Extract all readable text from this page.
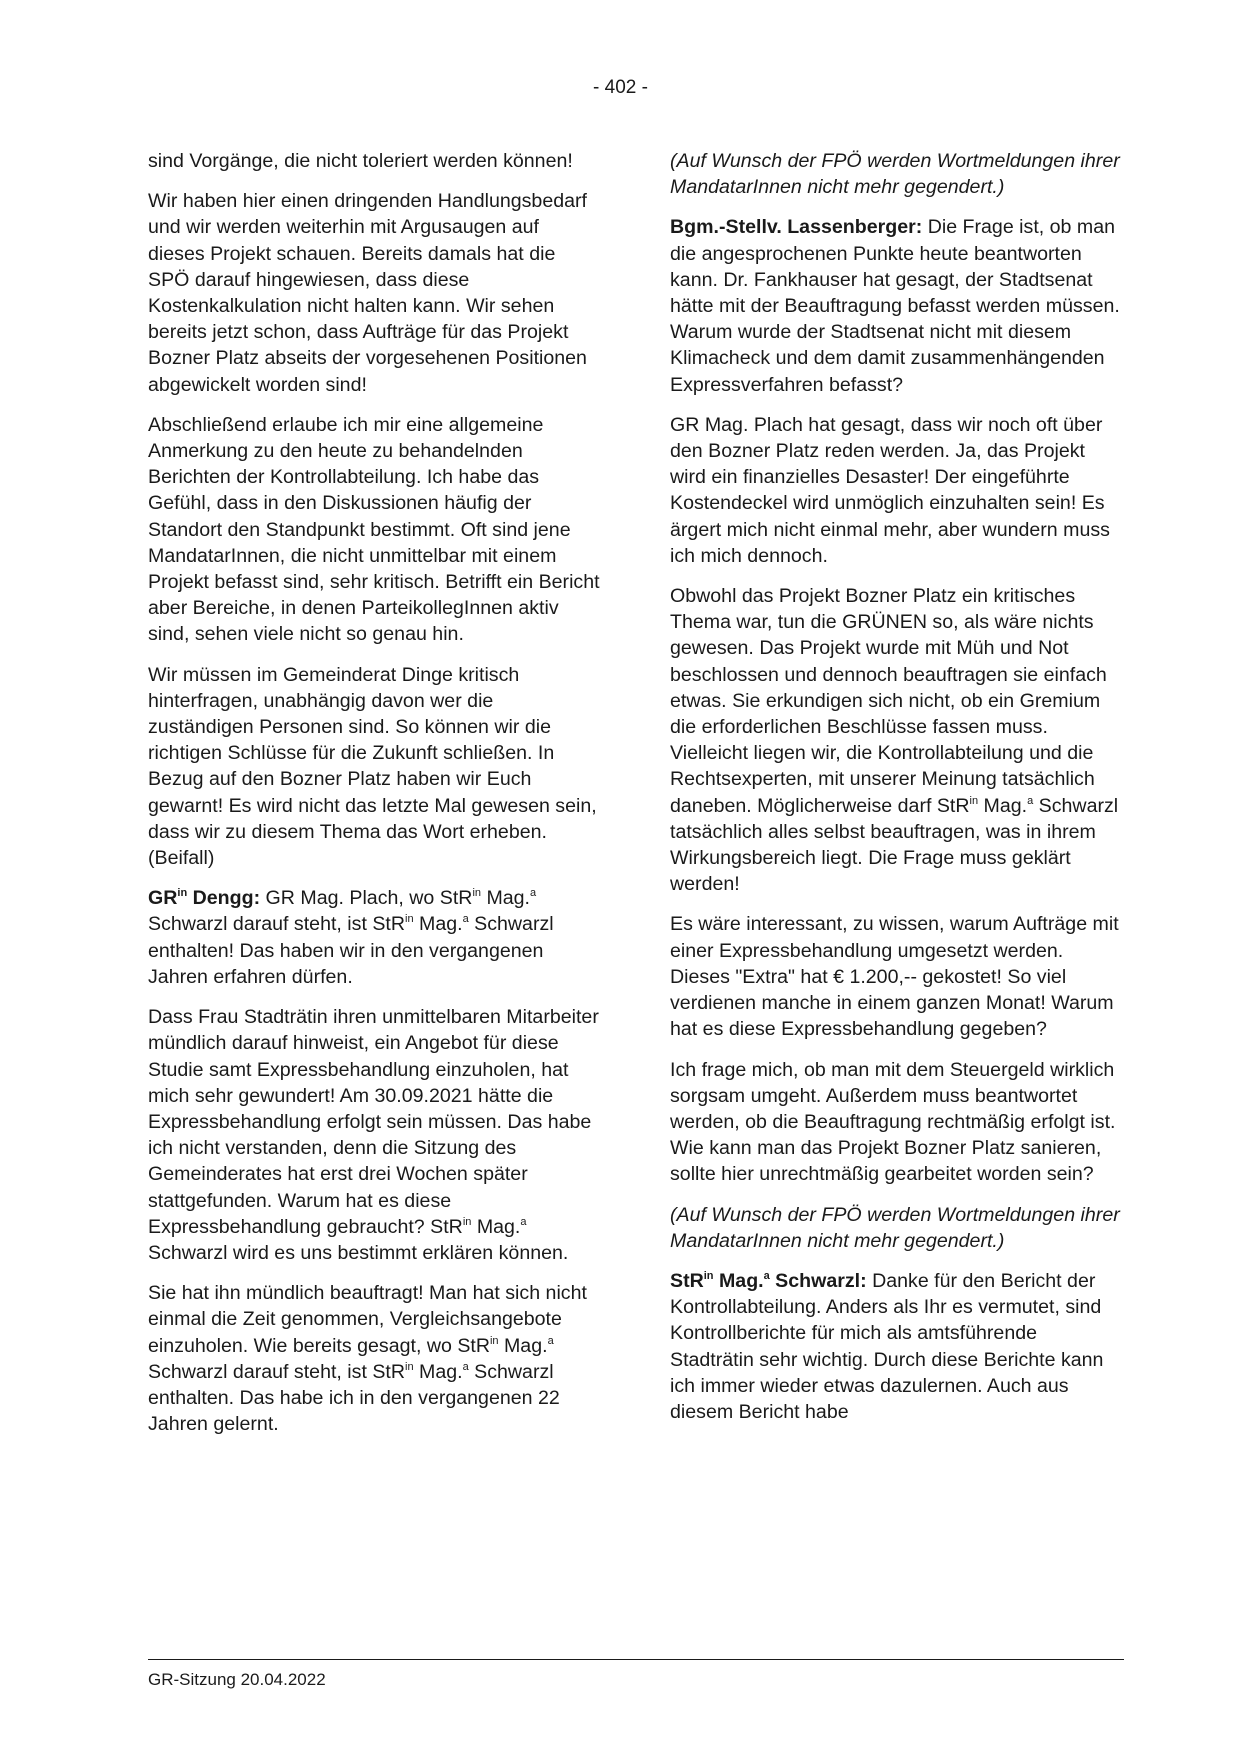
- 402 -

sind Vorgänge, die nicht toleriert werden können!

Wir haben hier einen dringenden Handlungsbedarf und wir werden weiterhin mit Argusaugen auf dieses Projekt schauen. Bereits damals hat die SPÖ darauf hingewiesen, dass diese Kostenkalkulation nicht halten kann. Wir sehen bereits jetzt schon, dass Aufträge für das Projekt Bozner Platz abseits der vorgesehenen Positionen abgewickelt worden sind!

Abschließend erlaube ich mir eine allgemeine Anmerkung zu den heute zu behandelnden Berichten der Kontrollabteilung. Ich habe das Gefühl, dass in den Diskussionen häufig der Standort den Standpunkt bestimmt. Oft sind jene MandatarInnen, die nicht unmittelbar mit einem Projekt befasst sind, sehr kritisch. Betrifft ein Bericht aber Bereiche, in denen ParteikollegInnen aktiv sind, sehen viele nicht so genau hin.

Wir müssen im Gemeinderat Dinge kritisch hinterfragen, unabhängig davon wer die zuständigen Personen sind. So können wir die richtigen Schlüsse für die Zukunft schließen. In Bezug auf den Bozner Platz haben wir Euch gewarnt! Es wird nicht das letzte Mal gewesen sein, dass wir zu diesem Thema das Wort erheben. (Beifall)

$GR^{in}$ Dengg: GR Mag. Plach, wo StR$^{in}$ Mag.$^a$ Schwarzl darauf steht, ist StR$^{in}$ Mag.$^a$ Schwarzl enthalten! Das haben wir in den vergangenen Jahren erfahren dürfen.

Dass Frau Stadträtin ihren unmittelbaren Mitarbeiter mündlich darauf hinweist, ein Angebot für diese Studie samt Expressbehandlung einzuholen, hat mich sehr gewundert! Am 30.09.2021 hätte die Expressbehandlung erfolgt sein müssen. Das habe ich nicht verstanden, denn die Sitzung des Gemeinderates hat erst drei Wochen später stattgefunden. Warum hat es diese Expressbehandlung gebraucht? StR$^{in}$ Mag.$^a$ Schwarzl wird es uns bestimmt erklären können.

Sie hat ihn mündlich beauftragt! Man hat sich nicht einmal die Zeit genommen, Vergleichsangebote einzuholen. Wie bereits gesagt, wo StR$^{in}$ Mag.$^a$ Schwarzl darauf steht, ist StR$^{in}$ Mag.$^a$ Schwarzl enthalten. Das habe ich in den vergangenen 22 Jahren gelernt.

(Auf Wunsch der FPÖ werden Wortmeldungen ihrer MandatarInnen nicht mehr gegendert.)

Bgm.-Stellv. Lassenberger: Die Frage ist, ob man die angesprochenen Punkte heute beantworten kann. Dr. Fankhauser hat gesagt, der Stadtsenat hätte mit der Beauftragung befasst werden müssen. Warum wurde der Stadtsenat nicht mit diesem Klimacheck und dem damit zusammenhängenden Expressverfahren befasst?

GR Mag. Plach hat gesagt, dass wir noch oft über den Bozner Platz reden werden. Ja, das Projekt wird ein finanzielles Desaster! Der eingeführte Kostendeckel wird unmöglich einzuhalten sein! Es ärgert mich nicht einmal mehr, aber wundern muss ich mich dennoch.

Obwohl das Projekt Bozner Platz ein kritisches Thema war, tun die GRÜNEN so, als wäre nichts gewesen. Das Projekt wurde mit Müh und Not beschlossen und dennoch beauftragen sie einfach etwas. Sie erkundigen sich nicht, ob ein Gremium die erforderlichen Beschlüsse fassen muss. Vielleicht liegen wir, die Kontrollabteilung und die Rechtsexperten, mit unserer Meinung tatsächlich daneben. Möglicherweise darf StR$^{in}$ Mag.$^a$ Schwarzl tatsächlich alles selbst beauftragen, was in ihrem Wirkungsbereich liegt. Die Frage muss geklärt werden!

Es wäre interessant, zu wissen, warum Aufträge mit einer Expressbehandlung umgesetzt werden. Dieses "Extra" hat € 1.200,-- gekostet! So viel verdienen manche in einem ganzen Monat! Warum hat es diese Expressbehandlung gegeben?

Ich frage mich, ob man mit dem Steuergeld wirklich sorgsam umgeht. Außerdem muss beantwortet werden, ob die Beauftragung rechtmäßig erfolgt ist. Wie kann man das Projekt Bozner Platz sanieren, sollte hier unrechtmäßig gearbeitet worden sein?

(Auf Wunsch der FPÖ werden Wortmeldungen ihrer MandatarInnen nicht mehr gegendert.)

StR$^{in}$ Mag.$^a$ Schwarzl: Danke für den Bericht der Kontrollabteilung. Anders als Ihr es vermutet, sind Kontrollberichte für mich als amtsführende Stadträtin sehr wichtig. Durch diese Berichte kann ich immer wieder etwas dazulernen. Auch aus diesem Bericht habe

GR-Sitzung 20.04.2022
